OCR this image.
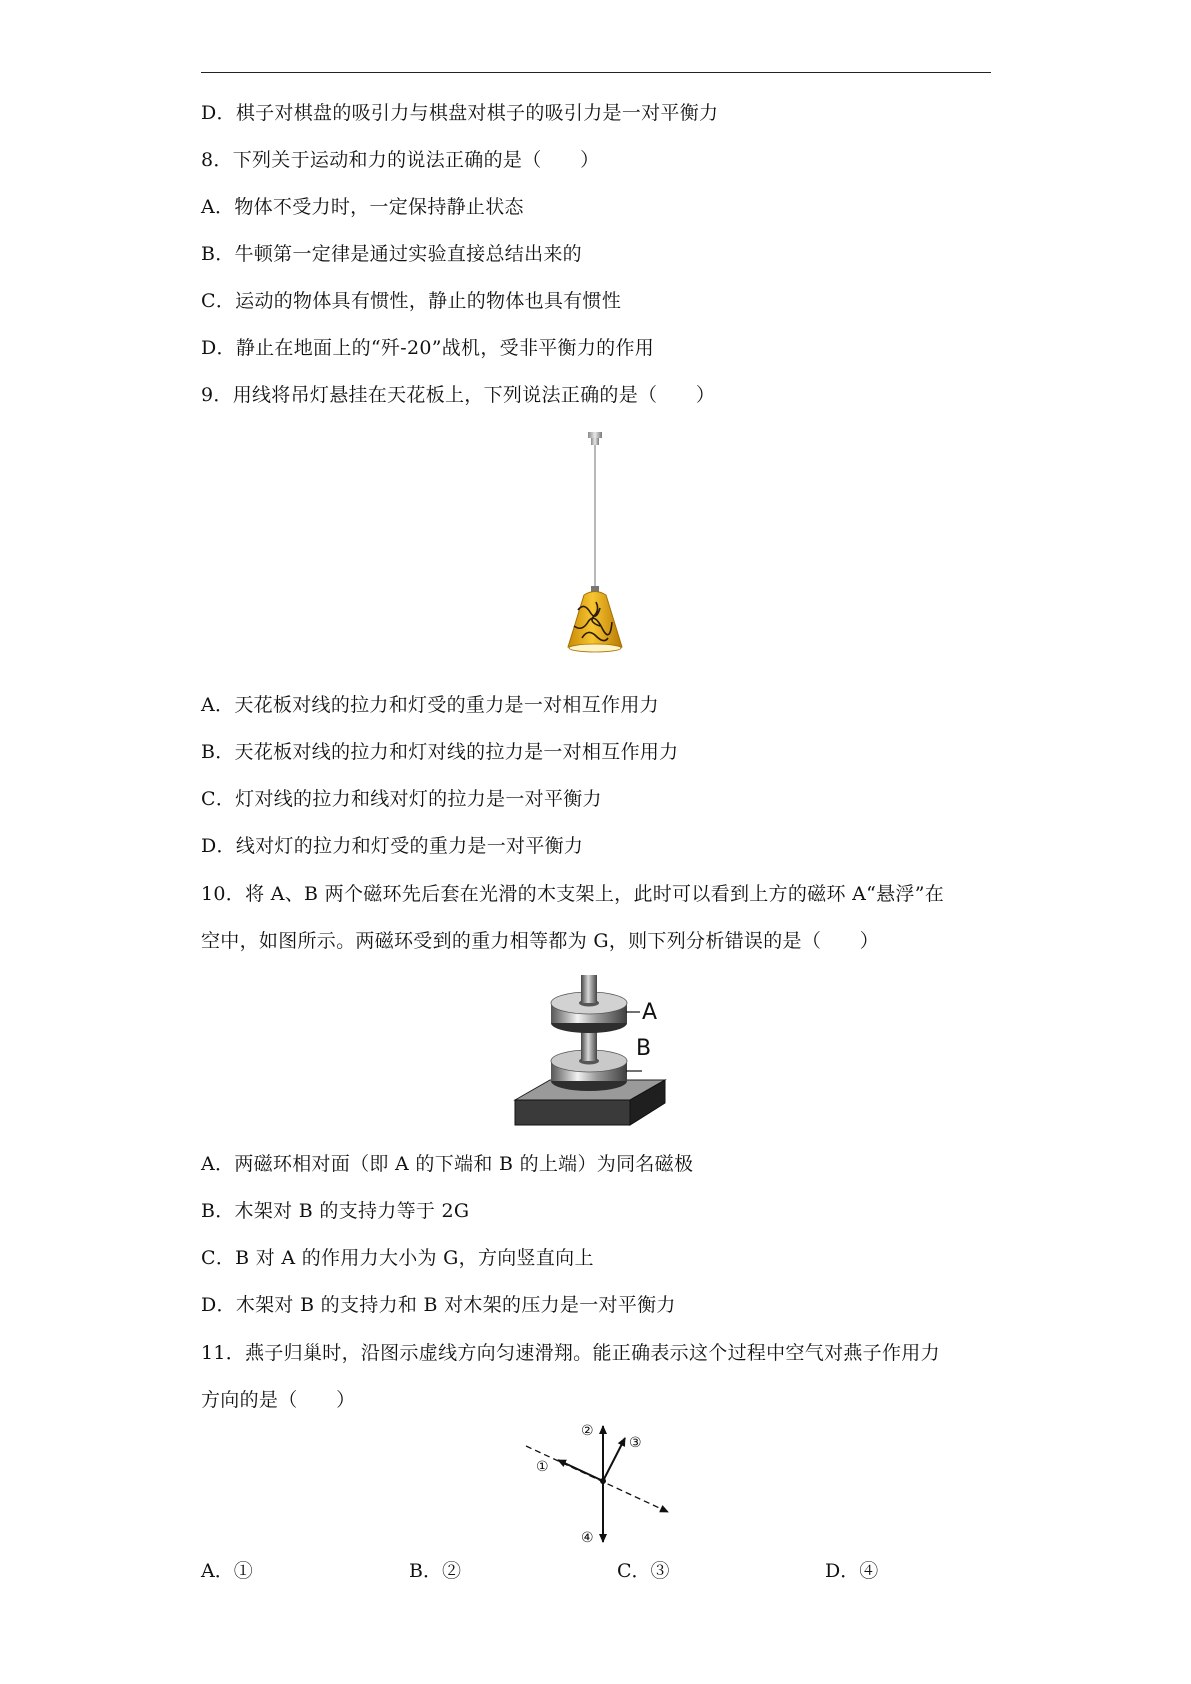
D．棋子对棋盘的吸引力与棋盘对棋子的吸引力是一对平衡力
8．下列关于运动和力的说法正确的是（　　）
A．物体不受力时，一定保持静止状态
B．牛顿第一定律是通过实验直接总结出来的
C．运动的物体具有惯性，静止的物体也具有惯性
D．静止在地面上的“歼-20”战机，受非平衡力的作用
9．用线将吊灯悬挂在天花板上，下列说法正确的是（　　）
A．天花板对线的拉力和灯受的重力是一对相互作用力
B．天花板对线的拉力和灯对线的拉力是一对相互作用力
C．灯对线的拉力和线对灯的拉力是一对平衡力
D．线对灯的拉力和灯受的重力是一对平衡力
10．将 A、B 两个磁环先后套在光滑的木支架上，此时可以看到上方的磁环 A“悬浮”在
空中，如图所示。两磁环受到的重力相等都为 G，则下列分析错误的是（　　）
A
B
A．两磁环相对面（即 A 的下端和 B 的上端）为同名磁极
B．木架对 B 的支持力等于 2G
C．B 对 A 的作用力大小为 G，方向竖直向上
D．木架对 B 的支持力和 B 对木架的压力是一对平衡力
11．燕子归巢时，沿图示虚线方向匀速滑翔。能正确表示这个过程中空气对燕子作用力
方向的是（　　）
①
②
③
④
A．①	B．②	C．③	D．④
